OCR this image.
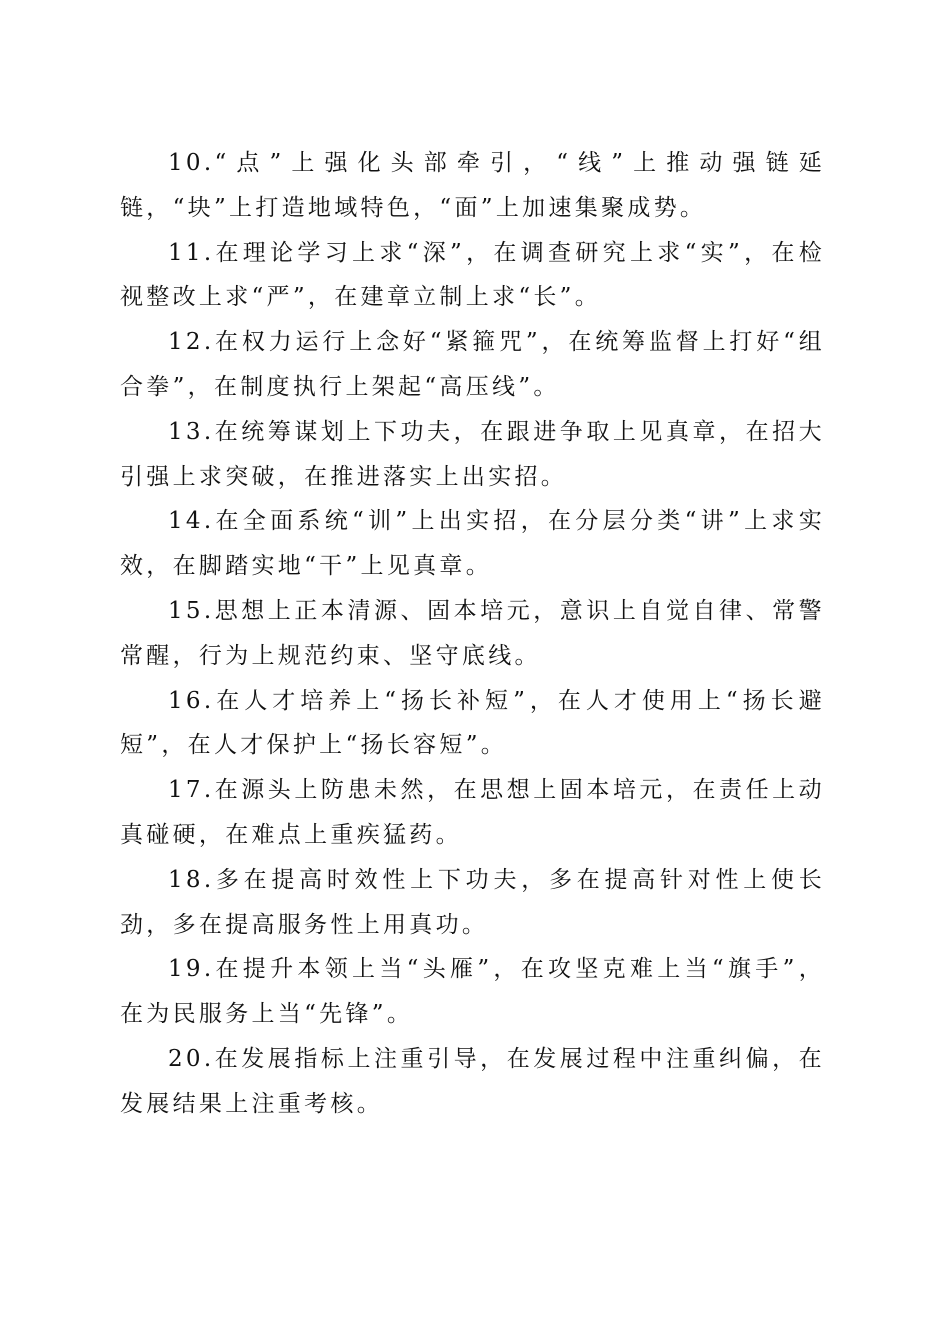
10.“点”上强化头部牵引，“线”上推动强链延链，“块”上打造地域特色，“面”上加速集聚成势。

11.在理论学习上求“深”，在调查研究上求“实”，在检视整改上求“严”，在建章立制上求“长”。

12.在权力运行上念好“紧箍咒”，在统筹监督上打好“组合拳”，在制度执行上架起“高压线”。

13.在统筹谋划上下功夫，在跟进争取上见真章，在招大引强上求突破，在推进落实上出实招。

14.在全面系统“训”上出实招，在分层分类“讲”上求实效，在脚踏实地“干”上见真章。

15.思想上正本清源、固本培元，意识上自觉自律、常警常醒，行为上规范约束、坚守底线。

16.在人才培养上“扬长补短”，在人才使用上“扬长避短”，在人才保护上“扬长容短”。

17.在源头上防患未然，在思想上固本培元，在责任上动真碰硬，在难点上重疾猛药。

18.多在提高时效性上下功夫，多在提高针对性上使长劲，多在提高服务性上用真功。

19.在提升本领上当“头雁”，在攻坚克难上当“旗手”，在为民服务上当“先锋”。

20.在发展指标上注重引导，在发展过程中注重纠偏，在发展结果上注重考核。
